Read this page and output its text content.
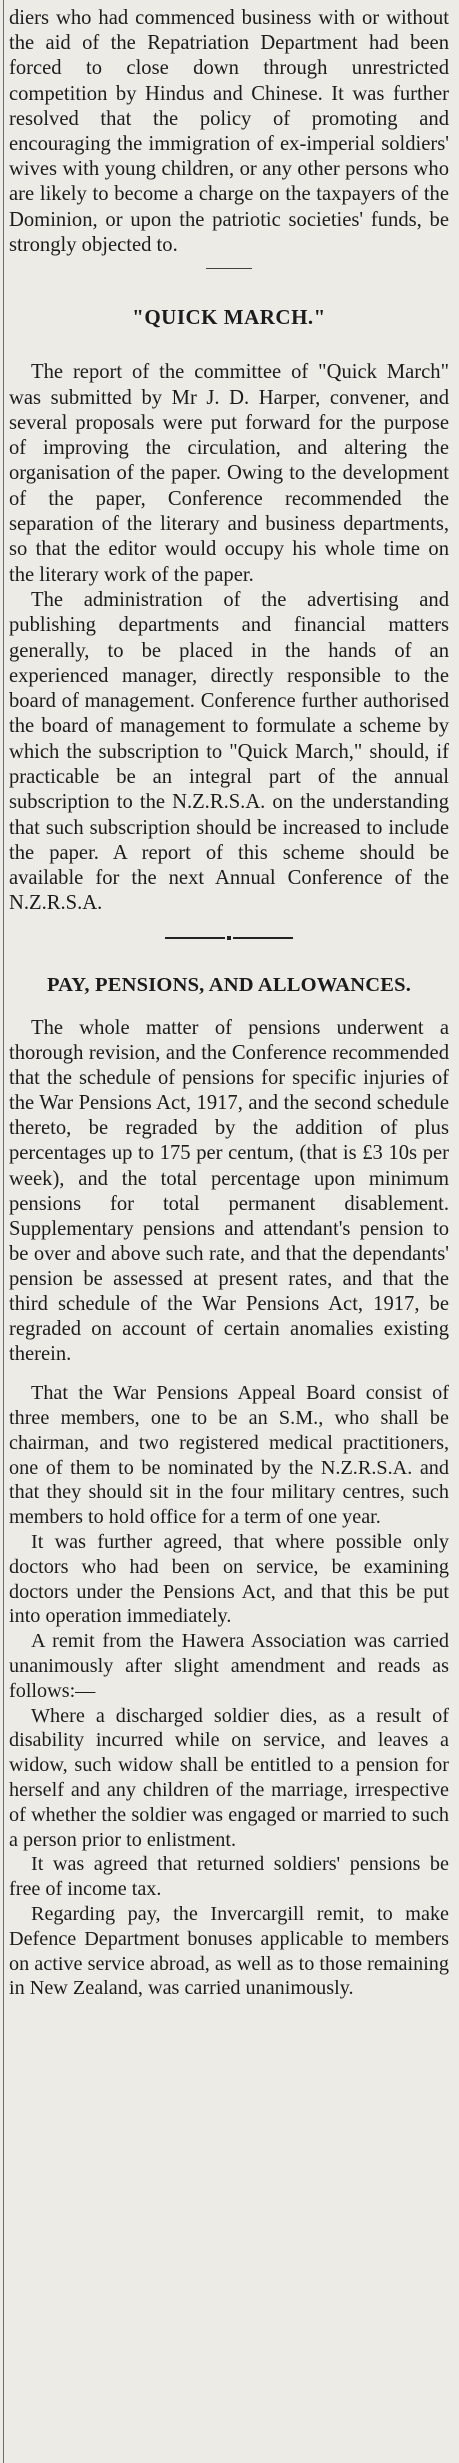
diers who had commenced business with or without the aid of the Repatriation Department had been forced to close down through unrestricted competition by Hindus and Chinese. It was further resolved that the policy of promoting and encouraging the immigration of ex-imperial soldiers' wives with young children, or any other persons who are likely to become a charge on the taxpayers of the Dominion, or upon the patriotic societies' funds, be strongly objected to.

"QUICK MARCH."

The report of the committee of "Quick March" was submitted by Mr J. D. Harper, convener, and several proposals were put forward for the purpose of improving the circulation, and altering the organisation of the paper. Owing to the development of the paper, Conference recommended the separation of the literary and business departments, so that the editor would occupy his whole time on the literary work of the paper.

The administration of the advertising and publishing departments and financial matters generally, to be placed in the hands of an experienced manager, directly responsible to the board of management. Conference further authorised the board of management to formulate a scheme by which the subscription to "Quick March," should, if practicable be an integral part of the annual subscription to the N.Z.R.S.A. on the understanding that such subscription should be increased to include the paper. A report of this scheme should be available for the next Annual Conference of the N.Z.R.S.A.

PAY, PENSIONS, AND ALLOWANCES.

The whole matter of pensions underwent a thorough revision, and the Conference recommended that the schedule of pensions for specific injuries of the War Pensions Act, 1917, and the second schedule thereto, be regraded by the addition of plus percentages up to 175 per centum, (that is £3 10s per week), and the total percentage upon minimum pensions for total permanent disablement. Supplementary pensions and attendant's pension to be over and above such rate, and that the dependants' pension be assessed at present rates, and that the third schedule of the War Pensions Act, 1917, be regraded on account of certain anomalies existing therein.

That the War Pensions Appeal Board consist of three members, one to be an S.M., who shall be chairman, and two registered medical practitioners, one of them to be nominated by the N.Z.R.S.A. and that they should sit in the four military centres, such members to hold office for a term of one year.

It was further agreed, that where possible only doctors who had been on service, be examining doctors under the Pensions Act, and that this be put into operation immediately.

A remit from the Hawera Association was carried unanimously after slight amendment and reads as follows:—

Where a discharged soldier dies, as a result of disability incurred while on service, and leaves a widow, such widow shall be entitled to a pension for herself and any children of the marriage, irrespective of whether the soldier was engaged or married to such a person prior to enlistment.

It was agreed that returned soldiers' pensions be free of income tax.

Regarding pay, the Invercargill remit, to make Defence Department bonuses applicable to members on active service abroad, as well as to those remaining in New Zealand, was carried unanimously.
